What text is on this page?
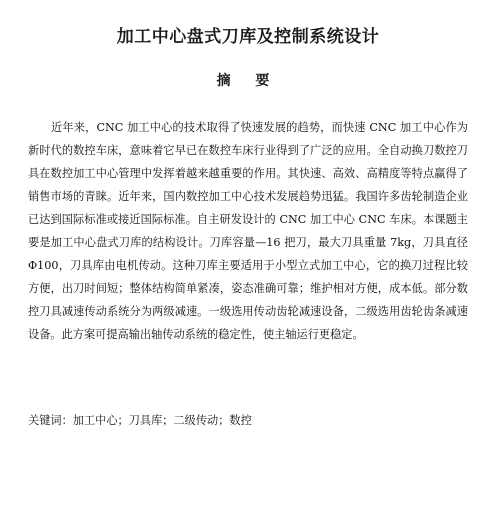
加工中心盘式刀库及控制系统设计
摘 要

近年来，CNC 加工中心的技术取得了快速发展的趋势，而快速 CNC 加工中心作为新时代的数控车床，意味着它早已在数控车床行业得到了广泛的应用。全自动换刀数控刀具在数控加工中心管理中发挥着越来越重要的作用。其快速、高效、高精度等特点赢得了销售市场的青睐。近年来，国内数控加工中心技术发展趋势迅猛。我国许多齿轮制造企业已达到国际标准或接近国际标准。自主研发设计的 CNC 加工中心 CNC 车床。本课题主要是加工中心盘式刀库的结构设计。刀库容量—16 把刀，最大刀具重量 7kg，刀具直径Φ100，刀具库由电机传动。这种刀库主要适用于小型立式加工中心，它的换刀过程比较方便，出刀时间短；整体结构简单紧凑，姿态准确可靠；维护相对方便，成本低。部分数控刀具减速传动系统分为两级减速。一级选用传动齿轮减速设备，二级选用齿轮齿条减速设备。此方案可提高输出轴传动系统的稳定性，使主轴运行更稳定。

关键词：加工中心；刀具库；二级传动；数控
